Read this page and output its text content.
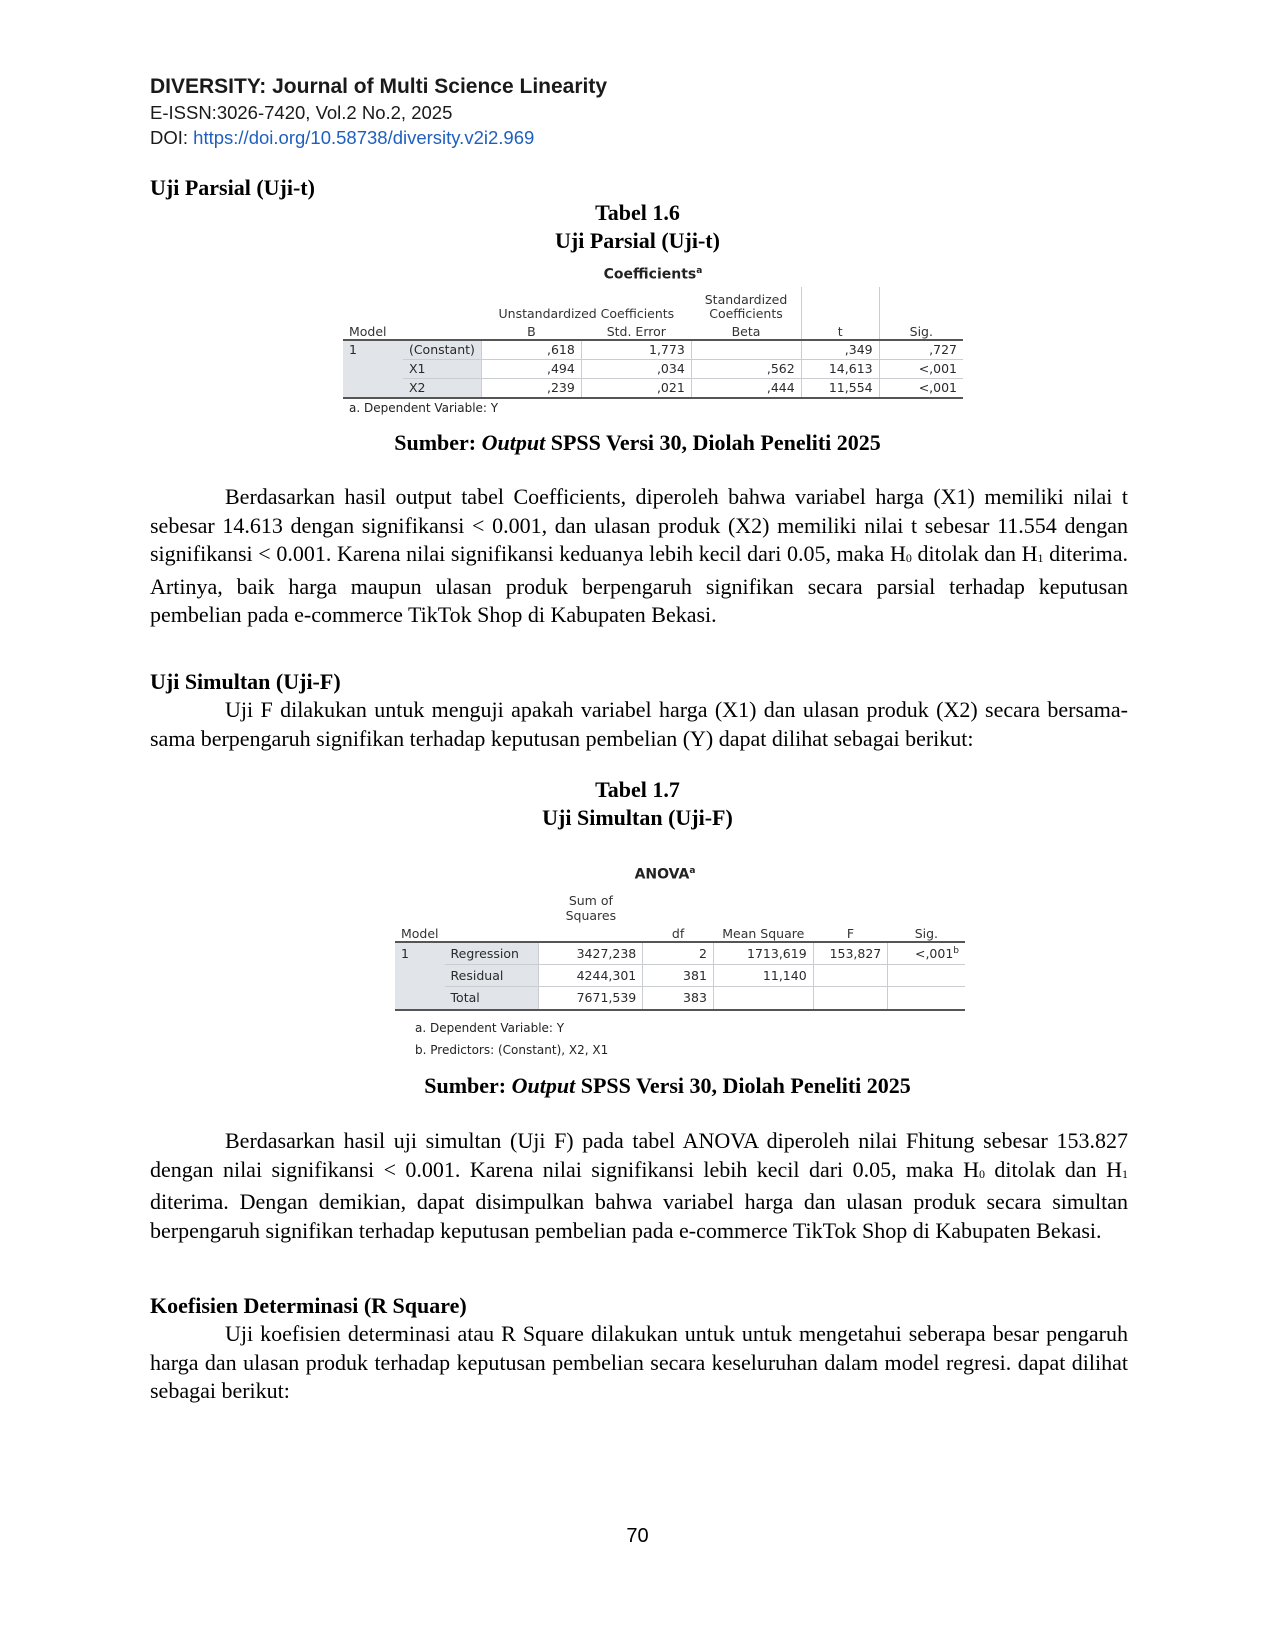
DIVERSITY: Journal of Multi Science Linearity
E-ISSN:3026-7420, Vol.2 No.2, 2025
DOI: https://doi.org/10.58738/diversity.v2i2.969
Uji Parsial (Uji-t)
Tabel 1.6
Uji Parsial (Uji-t)
Coefficients$^a$
		Unstandardized Coefficients		Standardized
Coefficients		

Model		B	Std. Error	Beta	t	Sig.
1	(Constant)	,618	1,773		,349	,727
	X1	,494	,034	,562	14,613	<,001
	X2	,239	,021	,444	11,554	<,001
a. Dependent Variable: Y
Sumber: Output SPSS Versi 30, Diolah Peneliti 2025
Berdasarkan hasil output tabel Coefficients, diperoleh bahwa variabel harga (X1) memiliki nilai t sebesar 14.613 dengan signifikansi < 0.001, dan ulasan produk (X2) memiliki nilai t sebesar 11.554 dengan signifikansi < 0.001. Karena nilai signifikansi keduanya lebih kecil dari 0.05, maka $H_0$ ditolak dan $H_1$ diterima. Artinya, baik harga maupun ulasan produk berpengaruh signifikan secara parsial terhadap keputusan pembelian pada e-commerce TikTok Shop di Kabupaten Bekasi.
Uji Simultan (Uji-F)
Uji F dilakukan untuk menguji apakah variabel harga (X1) dan ulasan produk (X2) secara bersama-sama berpengaruh signifikan terhadap keputusan pembelian (Y) dapat dilihat sebagai berikut:
Tabel 1.7
Uji Simultan (Uji-F)
ANOVA$^a$

		Sum of
Squares				

Model			df	Mean Square	F	Sig.
1	Regression	3427,238	2	1713,619	153,827	<,001$^b$
	Residual	4244,301	381	11,140		
	Total	7671,539	383			
a. Dependent Variable: Y
b. Predictors: (Constant), X2, X1
Sumber: Output SPSS Versi 30, Diolah Peneliti 2025
Berdasarkan hasil uji simultan (Uji F) pada tabel ANOVA diperoleh nilai Fhitung sebesar 153.827 dengan nilai signifikansi < 0.001. Karena nilai signifikansi lebih kecil dari 0.05, maka $H_0$ ditolak dan $H_1$ diterima. Dengan demikian, dapat disimpulkan bahwa variabel harga dan ulasan produk secara simultan berpengaruh signifikan terhadap keputusan pembelian pada e-commerce TikTok Shop di Kabupaten Bekasi.
Koefisien Determinasi (R Square)
Uji koefisien determinasi atau R Square dilakukan untuk untuk mengetahui seberapa besar pengaruh harga dan ulasan produk terhadap keputusan pembelian secara keseluruhan dalam model regresi. dapat dilihat sebagai berikut:
70
